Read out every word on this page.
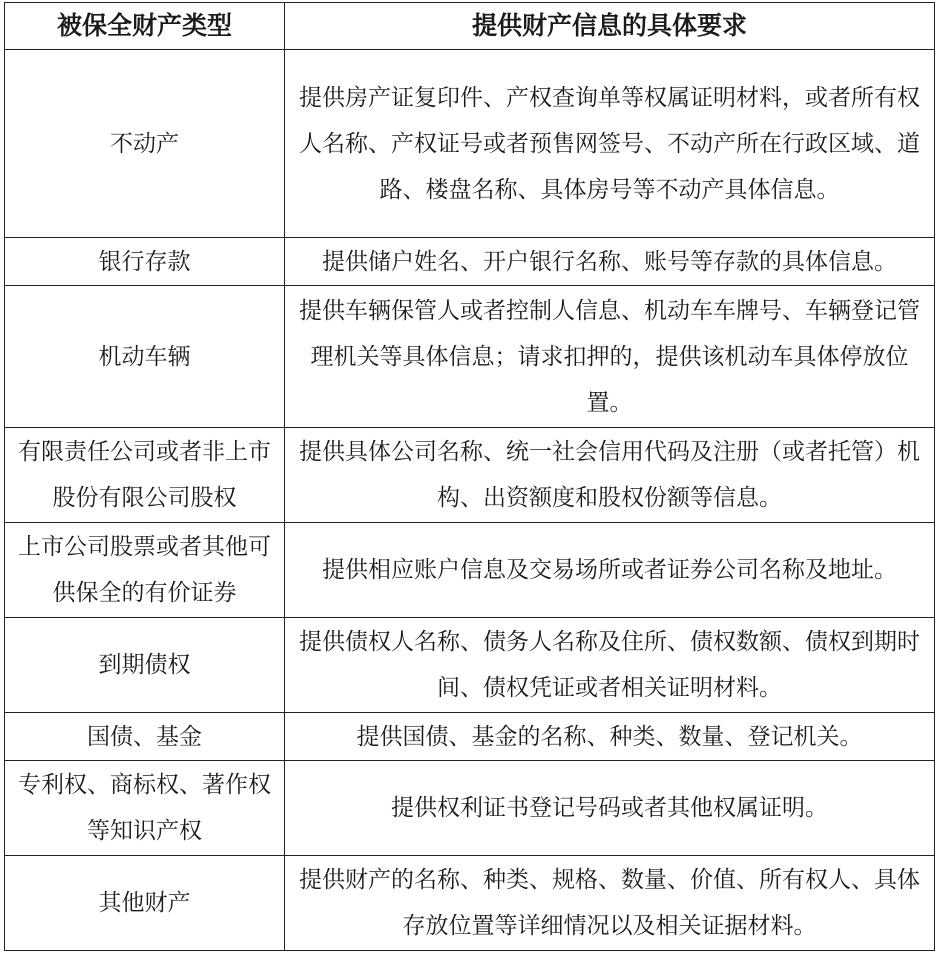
被保全财产类型	提供财产信息的具体要求
不动产	提供房产证复印件、产权查询单等权属证明材料，或者所有权人名称、产权证号或者预售网签号、不动产所在行政区域、道路、楼盘名称、具体房号等不动产具体信息。
银行存款	提供储户姓名、开户银行名称、账号等存款的具体信息。
机动车辆	提供车辆保管人或者控制人信息、机动车车牌号、车辆登记管理机关等具体信息；请求扣押的，提供该机动车具体停放位置。
有限责任公司或者非上市股份有限公司股权	提供具体公司名称、统一社会信用代码及注册（或者托管）机构、出资额度和股权份额等信息。
上市公司股票或者其他可供保全的有价证券	提供相应账户信息及交易场所或者证券公司名称及地址。
到期债权	提供债权人名称、债务人名称及住所、债权数额、债权到期时间、债权凭证或者相关证明材料。
国债、基金	提供国债、基金的名称、种类、数量、登记机关。
专利权、商标权、著作权等知识产权	提供权利证书登记号码或者其他权属证明。
其他财产	提供财产的名称、种类、规格、数量、价值、所有权人、具体存放位置等详细情况以及相关证据材料。
